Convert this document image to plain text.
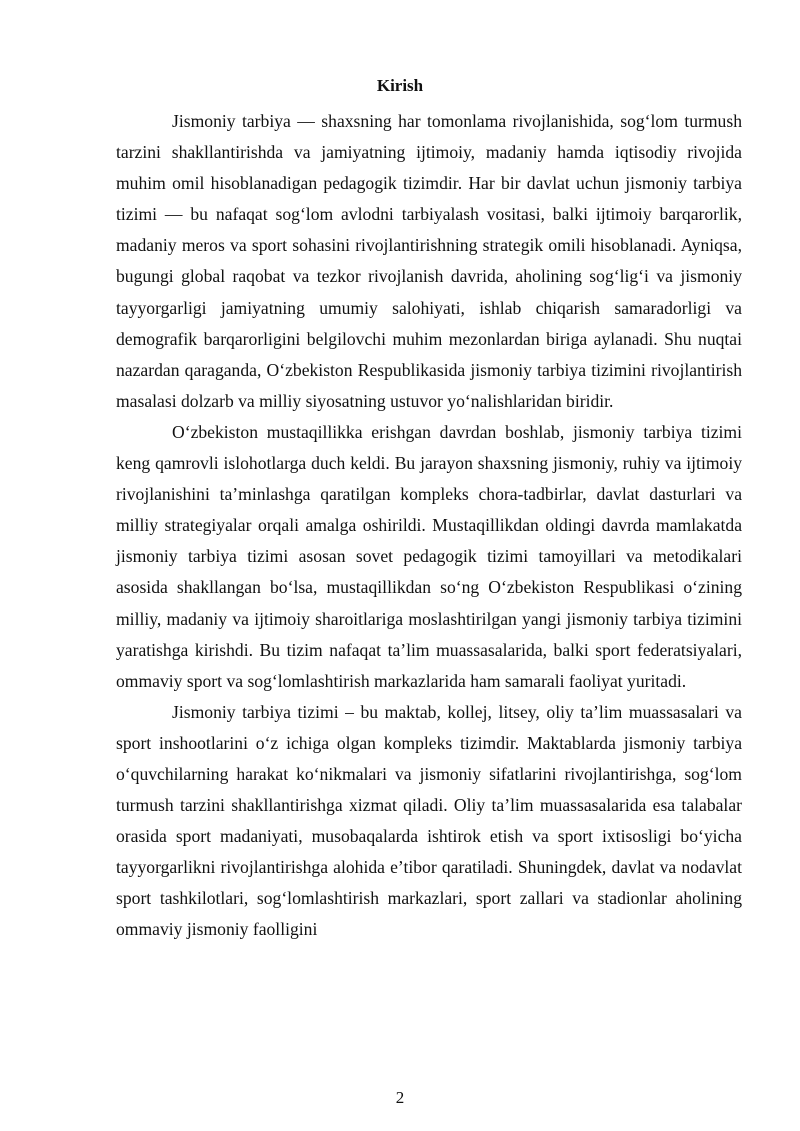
Kirish

Jismoniy tarbiya — shaxsning har tomonlama rivojlanishida, sog‘lom turmush tarzini shakllantirishda va jamiyatning ijtimoiy, madaniy hamda iqtisodiy rivojida muhim omil hisoblanadigan pedagogik tizimdir. Har bir davlat uchun jismoniy tarbiya tizimi — bu nafaqat sog‘lom avlodni tarbiyalash vositasi, balki ijtimoiy barqarorlik, madaniy meros va sport sohasini rivojlantirishning strategik omili hisoblanadi. Ayniqsa, bugungi global raqobat va tezkor rivojlanish davrida, aholining sog‘lig‘i va jismoniy tayyorgarligi jamiyatning umumiy salohiyati, ishlab chiqarish samaradorligi va demografik barqarorligini belgilovchi muhim mezonlardan biriga aylanadi. Shu nuqtai nazardan qaraganda, O‘zbekiston Respublikasida jismoniy tarbiya tizimini rivojlantirish masalasi dolzarb va milliy siyosatning ustuvor yo‘nalishlaridan biridir.

O‘zbekiston mustaqillikka erishgan davrdan boshlab, jismoniy tarbiya tizimi keng qamrovli islohotlarga duch keldi. Bu jarayon shaxsning jismoniy, ruhiy va ijtimoiy rivojlanishini ta’minlashga qaratilgan kompleks chora-tadbirlar, davlat dasturlari va milliy strategiyalar orqali amalga oshirildi. Mustaqillikdan oldingi davrda mamlakatda jismoniy tarbiya tizimi asosan sovet pedagogik tizimi tamoyillari va metodikalari asosida shakllangan bo‘lsa, mustaqillikdan so‘ng O‘zbekiston Respublikasi o‘zining milliy, madaniy va ijtimoiy sharoitlariga moslashtirilgan yangi jismoniy tarbiya tizimini yaratishga kirishdi. Bu tizim nafaqat ta’lim muassasalarida, balki sport federatsiyalari, ommaviy sport va sog‘lomlashtirish markazlarida ham samarali faoliyat yuritadi.

Jismoniy tarbiya tizimi – bu maktab, kollej, litsey, oliy ta’lim muassasalari va sport inshootlarini o‘z ichiga olgan kompleks tizimdir. Maktablarda jismoniy tarbiya o‘quvchilarning harakat ko‘nikmalari va jismoniy sifatlarini rivojlantirishga, sog‘lom turmush tarzini shakllantirishga xizmat qiladi. Oliy ta’lim muassasalarida esa talabalar orasida sport madaniyati, musobaqalarda ishtirok etish va sport ixtisosligi bo‘yicha tayyorgarlikni rivojlantirishga alohida e’tibor qaratiladi. Shuningdek, davlat va nodavlat sport tashkilotlari, sog‘lomlashtirish markazlari, sport zallari va stadionlar aholining ommaviy jismoniy faolligini

2
